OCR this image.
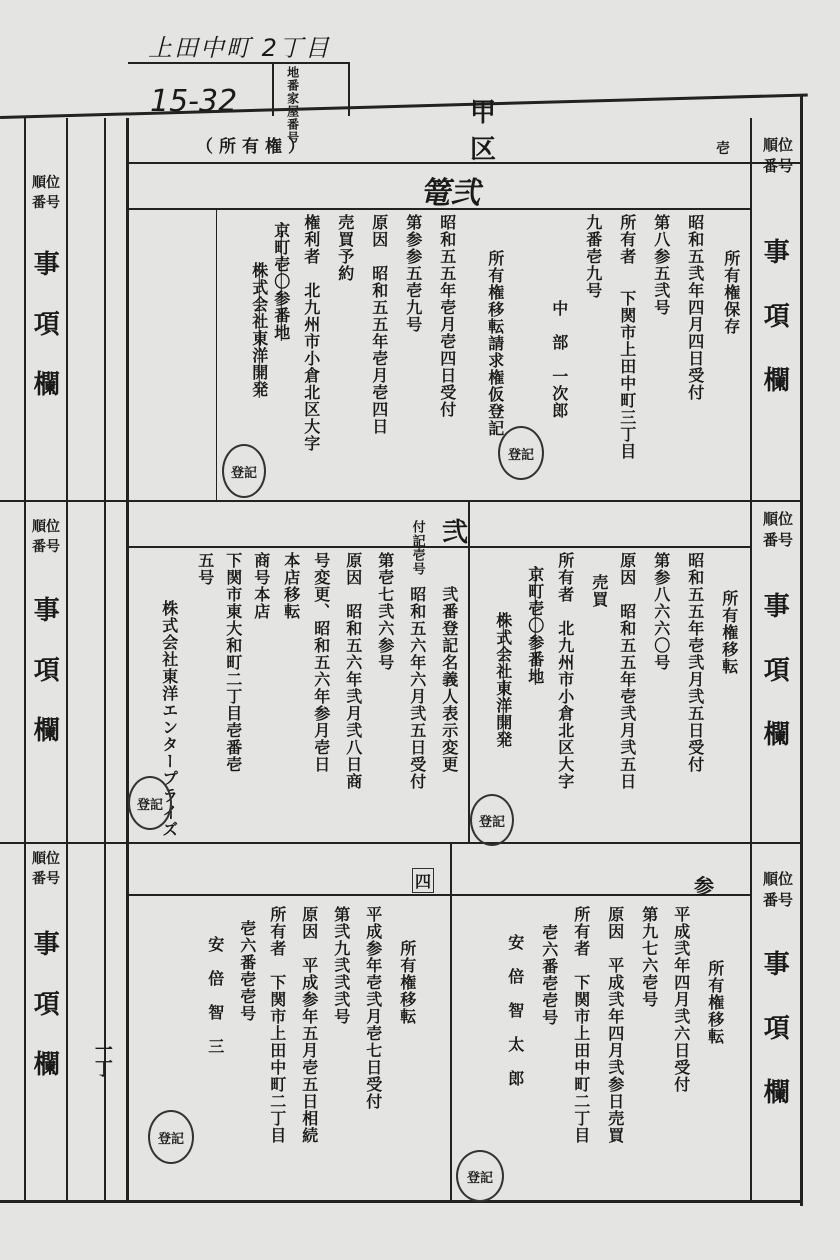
上田中町 2丁目
15-32	地番家屋番号	甲　区
（所有権）
篭弐
壱	順位番号
事項欄
順位番号
事項欄
順位番号
事項欄
順位番号
事項欄
順位番号
事項欄
順位番号
事項欄 一丁
所有権保存
昭和五弐年四月四日受付
第八参五弐号
所有者
下関市上田中町三丁目
九番壱九号
中　部　一次郎
所有権移転請求権仮登記
昭和五五年壱月壱四日受付
第参参五壱九号
原因　昭和五五年壱月壱四日
売買予約
権利者　北九州市小倉北区大字
京町壱〇参番地
株式会社東洋開発
弐
所有権移転
昭和五五年壱弐月弐五日受付
第参八六六〇号
原因　昭和五五年壱弐月弐五日
売買
所有者　北九州市小倉北区大字
京町壱〇参番地
株式会社東洋開発
付記壱号
弐番登記名義人表示変更
昭和五六年六月弐五日受付
第壱七弐六参号
原因　昭和五六年弐月弐八日商
号変更、昭和五六年参月壱日
本店移転
商号本店
下関市東大和町二丁目壱番壱
五号
株式会社東洋エンタープライズ
参
所有権移転
平成弐年四月弐六日受付
第九七六壱号
原因　平成弐年四月弐参日売買
所有者　下関市上田中町二丁目
壱六番壱壱号
安　倍　智　太　郎
四
所有権移転
平成参年壱弐月壱七日受付
第弐九弐弐弐号
原因　平成参年五月壱五日相続
所有者　下関市上田中町二丁目
壱六番壱壱号
安　倍　智　三
登記
登記
登記
登記
登記
登記
